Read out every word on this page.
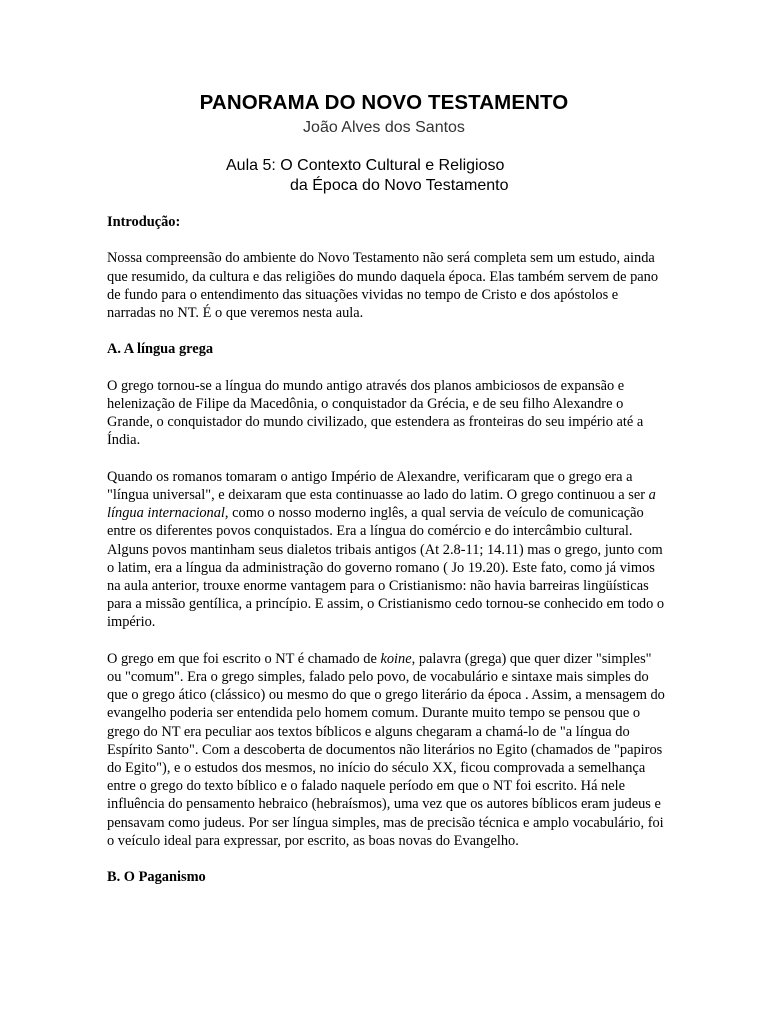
PANORAMA DO NOVO TESTAMENTO
João Alves dos Santos
Aula 5: O Contexto Cultural e Religioso
da Época do Novo Testamento
Introdução:

Nossa compreensão do ambiente do Novo Testamento não será completa sem um estudo, ainda que resumido, da cultura e das religiões do mundo daquela época. Elas também servem de pano de fundo para o entendimento das situações vividas no tempo de Cristo e dos apóstolos e narradas no NT. É o que veremos nesta aula.

A. A língua grega

O grego tornou-se a língua do mundo antigo através dos planos ambiciosos de expansão e helenização de Filipe da Macedônia, o conquistador da Grécia, e de seu filho Alexandre o Grande, o conquistador do mundo civilizado, que estendera as fronteiras do seu império até a Índia.

Quando os romanos tomaram o antigo Império de Alexandre, verificaram que o grego era a "língua universal", e deixaram que esta continuasse ao lado do latim. O grego continuou a ser a língua internacional, como o nosso moderno inglês, a qual servia de veículo de comunicação entre os diferentes povos conquistados. Era a língua do comércio e do intercâmbio cultural. Alguns povos mantinham seus dialetos tribais antigos (At 2.8-11; 14.11) mas o grego, junto com o latim, era a língua da administração do governo romano ( Jo 19.20). Este fato, como já vimos na aula anterior, trouxe enorme vantagem para o Cristianismo: não havia barreiras lingüísticas para a missão gentílica, a princípio. E assim, o Cristianismo cedo tornou-se conhecido em todo o império.

O grego em que foi escrito o NT é chamado de koine, palavra (grega) que quer dizer "simples" ou "comum". Era o grego simples, falado pelo povo, de vocabulário e sintaxe mais simples do que o grego ático (clássico) ou mesmo do que o grego literário da época . Assim, a mensagem do evangelho poderia ser entendida pelo homem comum. Durante muito tempo se pensou que o grego do NT era peculiar aos textos bíblicos e alguns chegaram a chamá-lo de "a língua do Espírito Santo". Com a descoberta de documentos não literários no Egito (chamados de "papiros do Egito"), e o estudos dos mesmos, no início do século XX, ficou comprovada a semelhança entre o grego do texto bíblico e o falado naquele período em que o NT foi escrito. Há nele influência do pensamento hebraico (hebraísmos), uma vez que os autores bíblicos eram judeus e pensavam como judeus. Por ser língua simples, mas de precisão técnica e amplo vocabulário, foi o veículo ideal para expressar, por escrito, as boas novas do Evangelho.

B. O Paganismo
